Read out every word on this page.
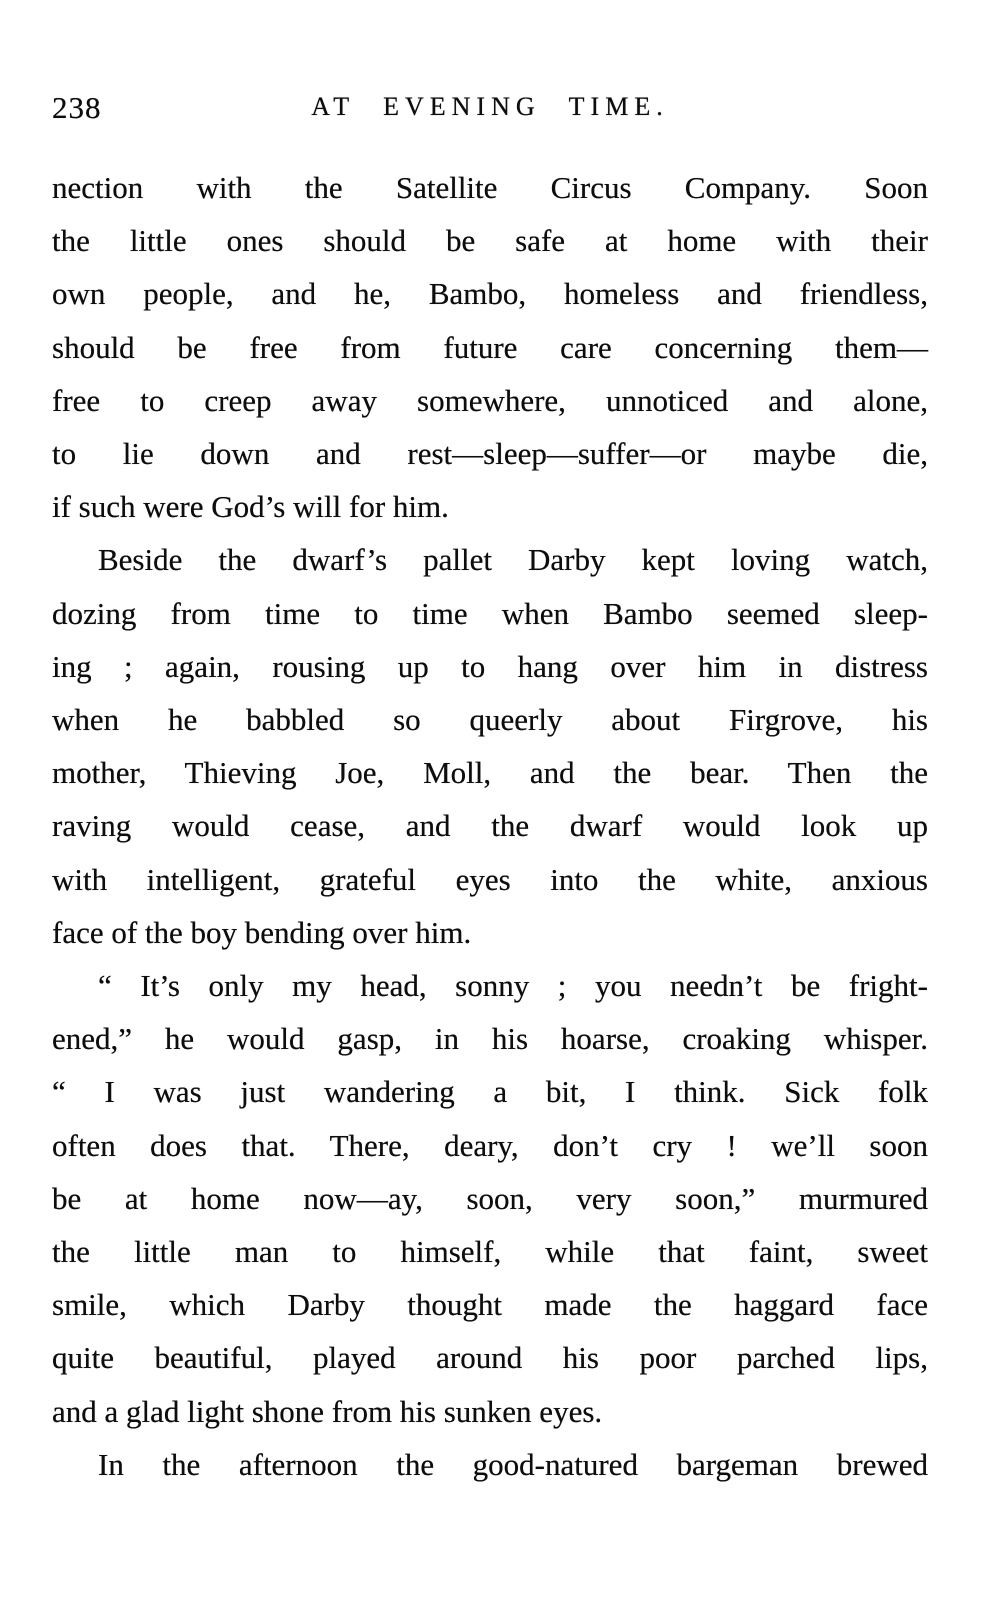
238	AT EVENING TIME.
nection with the Satellite Circus Company. Soon
the little ones should be safe at home with their
own people, and he, Bambo, homeless and friendless,
should be free from future care concerning them—
free to creep away somewhere, unnoticed and alone,
to lie down and rest—sleep—suffer—or maybe die,
if such were God’s will for him.
Beside the dwarf’s pallet Darby kept loving watch,
dozing from time to time when Bambo seemed sleep-
ing ; again, rousing up to hang over him in distress
when he babbled so queerly about Firgrove, his
mother, Thieving Joe, Moll, and the bear. Then the
raving would cease, and the dwarf would look up
with intelligent, grateful eyes into the white, anxious
face of the boy bending over him.
“ It’s only my head, sonny ; you needn’t be fright-
ened,” he would gasp, in his hoarse, croaking whisper.
“ I was just wandering a bit, I think. Sick folk
often does that. There, deary, don’t cry ! we’ll soon
be at home now—ay, soon, very soon,” murmured
the little man to himself, while that faint, sweet
smile, which Darby thought made the haggard face
quite beautiful, played around his poor parched lips,
and a glad light shone from his sunken eyes.
In the afternoon the good-natured bargeman brewed
